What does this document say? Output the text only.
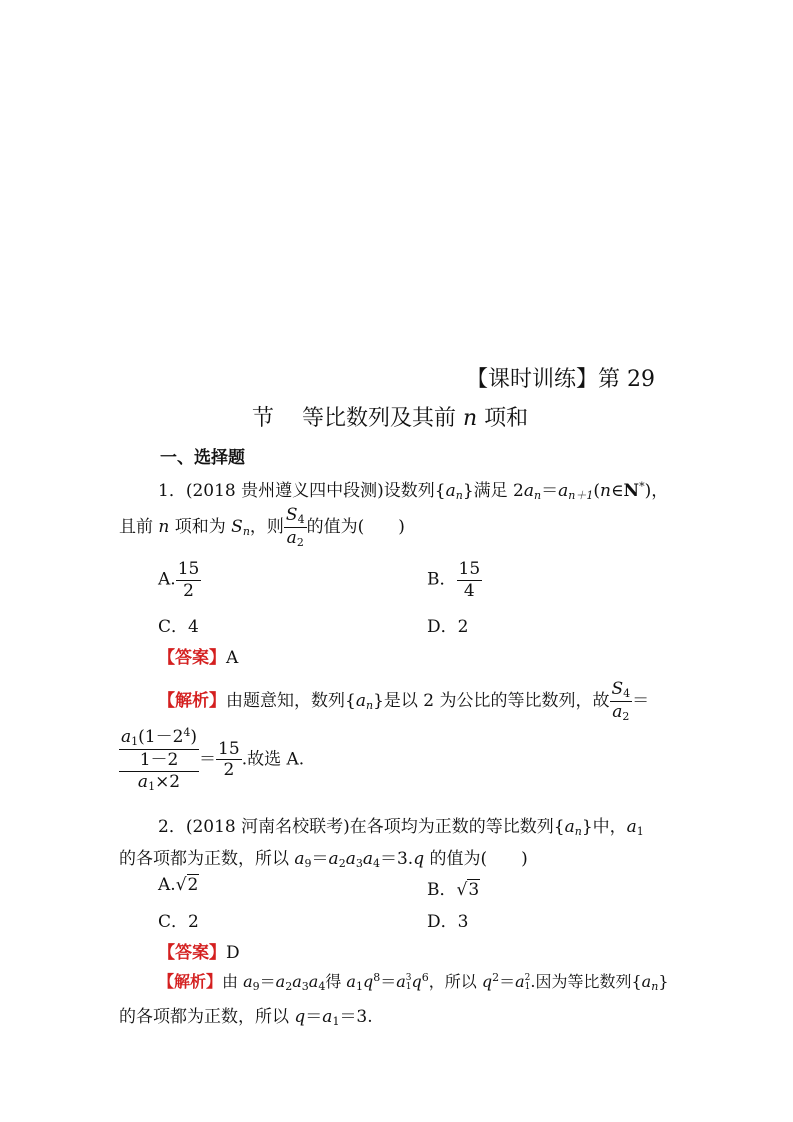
【课时训练】第 29
节 等比数列及其前 n 项和
一、选择题
1．(2018 贵州遵义四中段测)设数列$\{a_n\}$满足 $2a_n=a_{n+1}(n\in N^*)$，
且前 n 项和为 $S_n$，则 $\frac{S_4}{a_2}$ 的值为(　　)
A. $\frac{15}{2}$	B． $\frac{15}{4}$
C．4	D．2
【答案】A
【解析】由题意知，数列$\{a_n\}$是以 2 为公比的等比数列，故 $\frac{S_4}{a_2}$ ＝
$a_1(1-2^4)$
1－2
$a_1\times 2$
＝ $\frac{15}{2}$ .故选 A.
2．(2018 河南名校联考)在各项均为正数的等比数列$\{a_n\}$中，$a_1$
的各项都为正数，所以 $a_9=a_2a_3a_4=3.q$ 的值为(　　)
A.√2	B．√3
C．2	D．3
【答案】D
【解析】由 $a_9=a_2a_3a_4$得 $a_1q^8=a$ 3
1 $q^6$，所以 $q^2=a$ 2
1 .因为等比数列$\{a_n\}$
的各项都为正数，所以 $q=a_1=3$.
